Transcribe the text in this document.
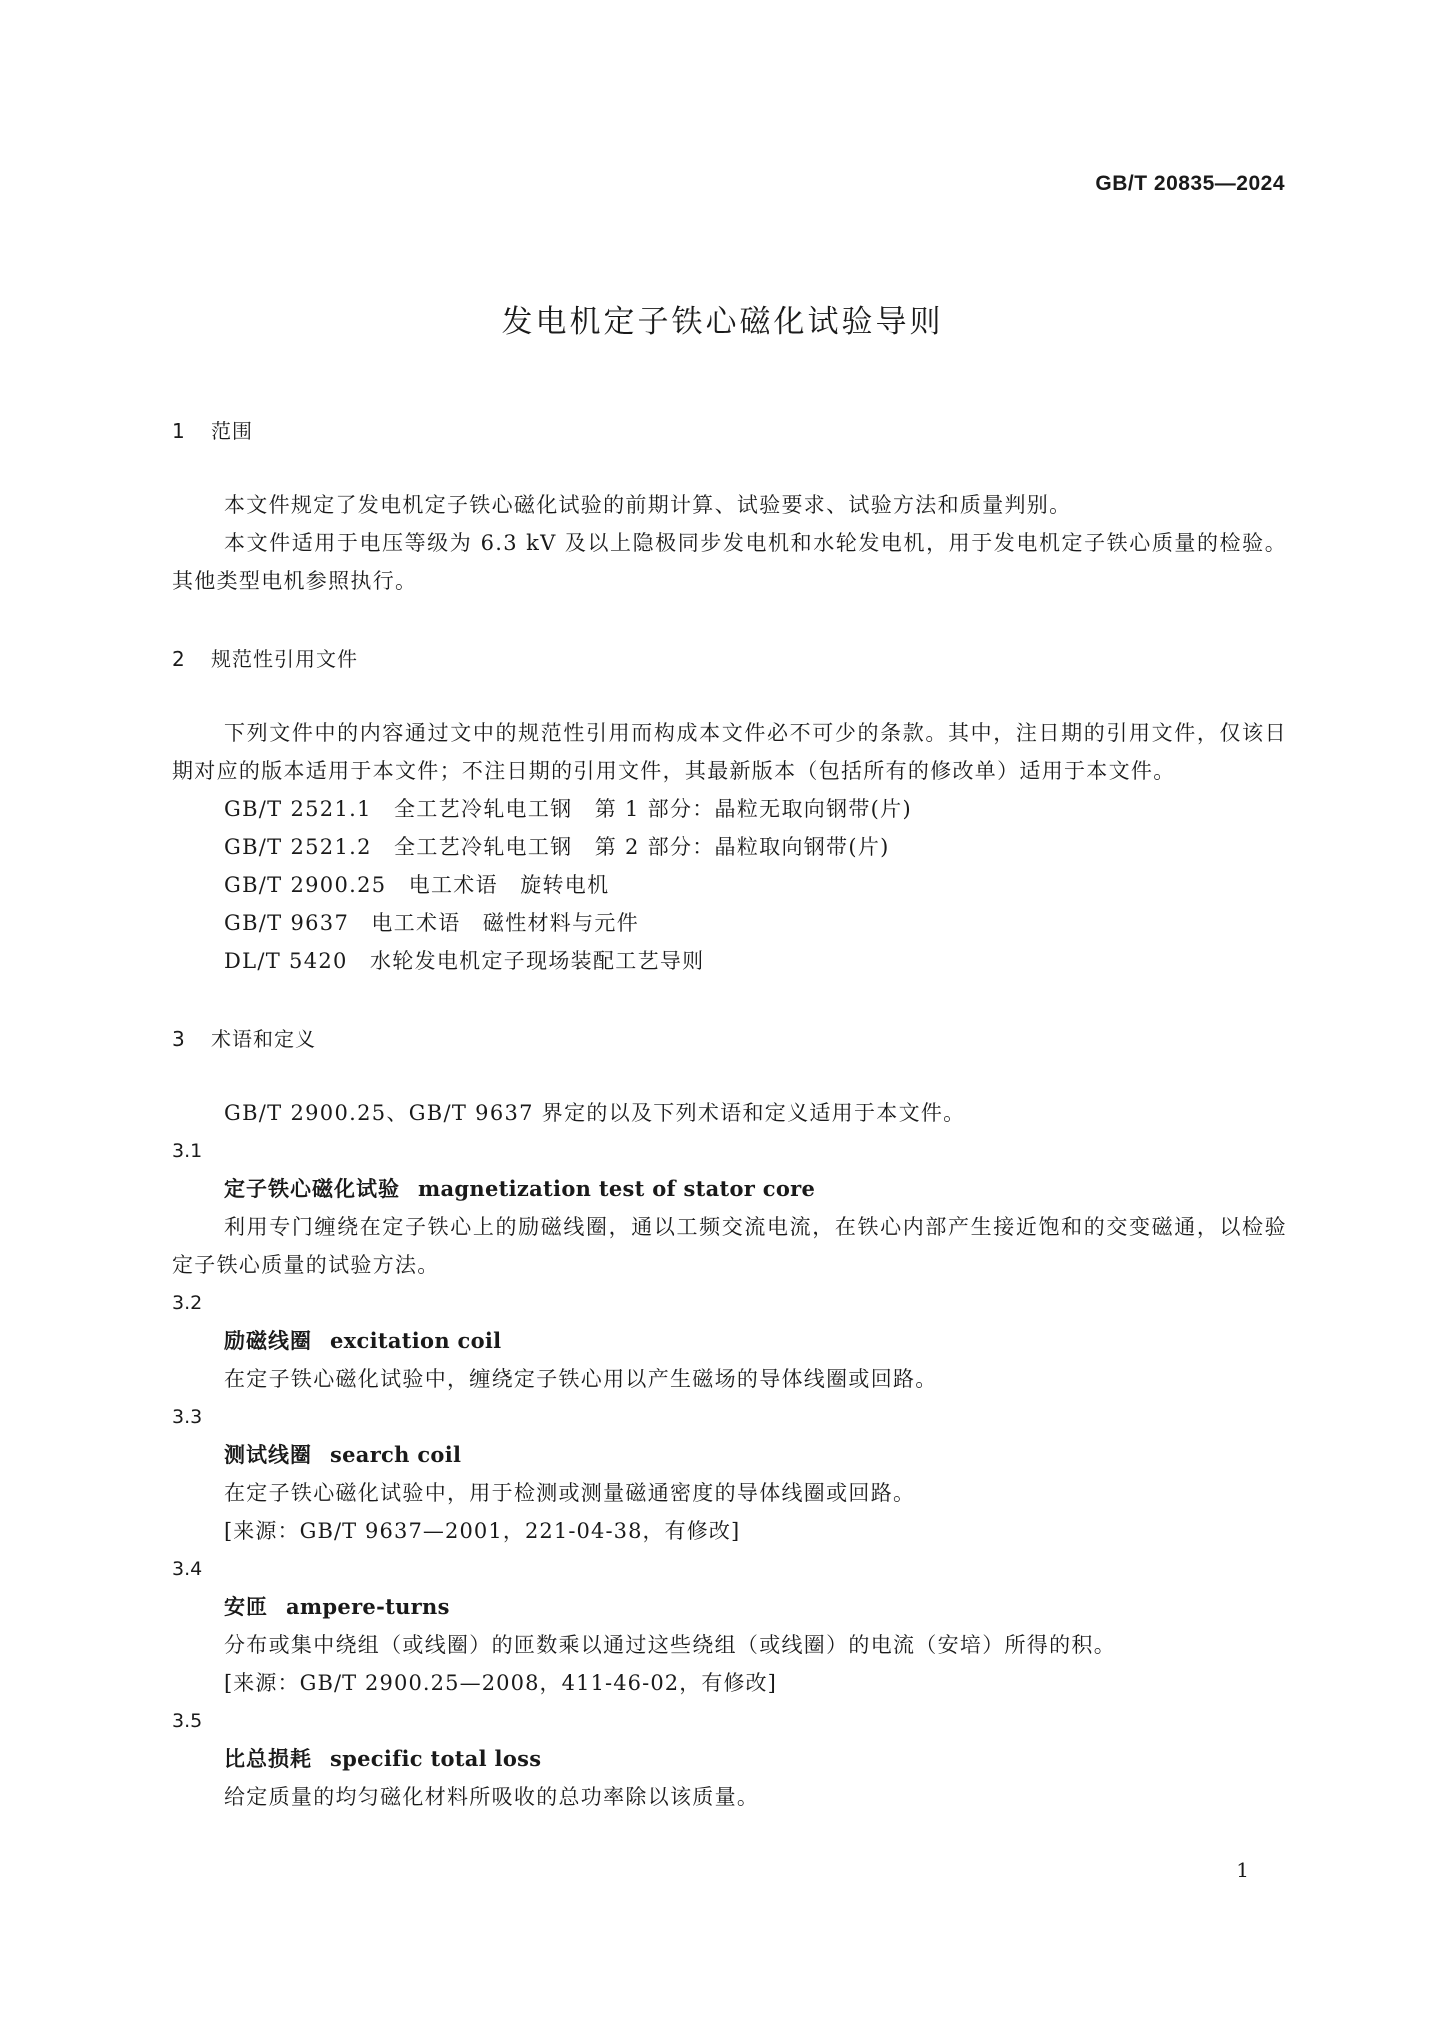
GB/T 20835—2024
发电机定子铁心磁化试验导则
1 范围

本文件规定了发电机定子铁心磁化试验的前期计算、试验要求、试验方法和质量判别。

本文件适用于电压等级为 6.3 kV 及以上隐极同步发电机和水轮发电机，用于发电机定子铁心质量的检验。其他类型电机参照执行。

2 规范性引用文件

下列文件中的内容通过文中的规范性引用而构成本文件必不可少的条款。其中，注日期的引用文件，仅该日期对应的版本适用于本文件；不注日期的引用文件，其最新版本（包括所有的修改单）适用于本文件。

GB/T 2521.1　全工艺冷轧电工钢　第 1 部分：晶粒无取向钢带(片)

GB/T 2521.2　全工艺冷轧电工钢　第 2 部分：晶粒取向钢带(片)

GB/T 2900.25　电工术语　旋转电机

GB/T 9637　电工术语　磁性材料与元件

DL/T 5420　水轮发电机定子现场装配工艺导则

3 术语和定义

GB/T 2900.25、GB/T 9637 界定的以及下列术语和定义适用于本文件。

3.1

定子铁心磁化试验 magnetization test of stator core

利用专门缠绕在定子铁心上的励磁线圈，通以工频交流电流，在铁心内部产生接近饱和的交变磁通，以检验定子铁心质量的试验方法。

3.2

励磁线圈 excitation coil

在定子铁心磁化试验中，缠绕定子铁心用以产生磁场的导体线圈或回路。

3.3

测试线圈 search coil

在定子铁心磁化试验中，用于检测或测量磁通密度的导体线圈或回路。

[来源：GB/T 9637—2001，221-04-38，有修改]

3.4

安匝 ampere-turns

分布或集中绕组（或线圈）的匝数乘以通过这些绕组（或线圈）的电流（安培）所得的积。

[来源：GB/T 2900.25—2008，411-46-02，有修改]

3.5

比总损耗 specific total loss

给定质量的均匀磁化材料所吸收的总功率除以该质量。

1
